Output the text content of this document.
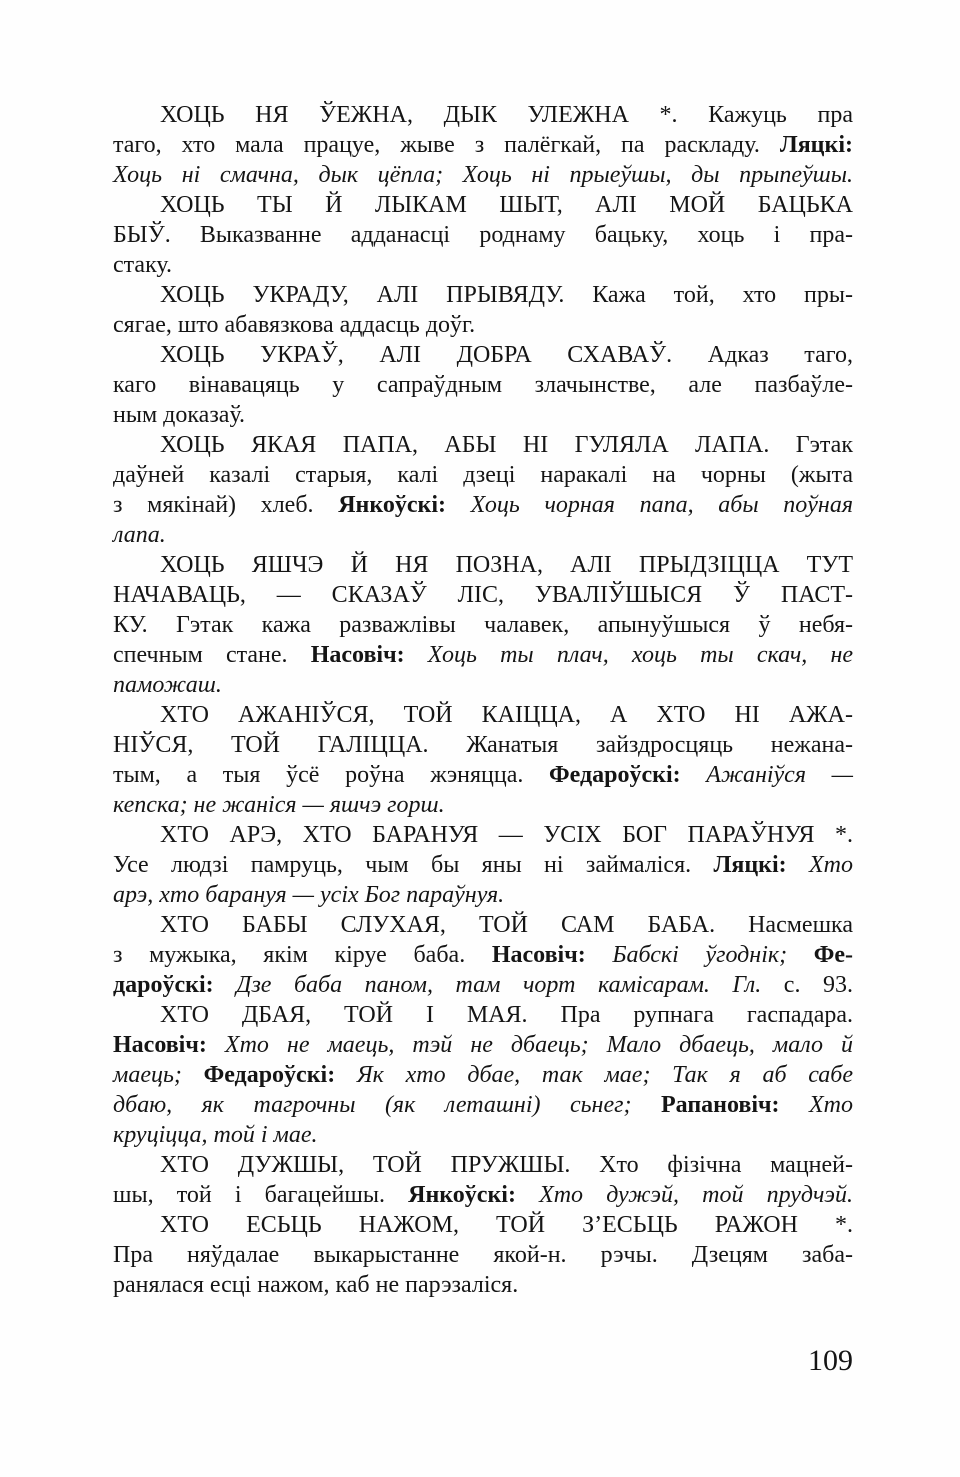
ХОЦЬ НЯ ЎЕЖНА, ДЫК УЛЕЖНА *. Кажуць пра
таго, хто мала працуе, жыве з палёгкай, па раскладу. Ляцкі:
Хоць ні смачна, дык цёпла; Хоць ні прыеўшы, ды прыпеўшы.
ХОЦЬ ТЫ Й ЛЫКАМ ШЫТ, АЛІ МОЙ БАЦЬКА
БЫЎ. Выказванне адданасці роднаму бацьку, хоць і пра-
стаку.
ХОЦЬ УКРАДУ, АЛІ ПРЫВЯДУ. Кажа той, хто пры-
сягае, што абавязкова аддасць доўг.
ХОЦЬ УКРАЎ, АЛІ ДОБРА СХАВАЎ. Адказ таго,
каго вінавацяць у сапраўдным злачынстве, але пазбаўле-
ным доказаў.
ХОЦЬ ЯКАЯ ПАПА, АБЫ НІ ГУЛЯЛА ЛАПА. Гэтак
даўней казалі старыя, калі дзеці наракалі на чорны (жыта
з мякінай) хлеб. Янкоўскі: Хоць чорная папа, абы поўная
лапа.
ХОЦЬ ЯШЧЭ Й НЯ ПОЗНА, АЛІ ПРЫДЗІЦЦА ТУТ
НАЧАВАЦЬ, — СКАЗАЎ ЛІС, УВАЛІЎШЫСЯ Ў ПАСТ-
КУ. Гэтак кажа разважлівы чалавек, апынуўшыся ў небя-
спечным стане. Насовіч: Хоць ты плач, хоць ты скач, не
паможаш.
ХТО АЖАНІЎСЯ, ТОЙ КАІЦЦА, А ХТО НІ АЖА-
НІЎСЯ, ТОЙ ГАЛІЦЦА. Жанатыя зайздросцяць нежана-
тым, а тыя ўсё роўна жэняцца. Федароўскі: Ажаніўся —
кепска; не жаніся — яшчэ горш.
ХТО АРЭ, ХТО БАРАНУЯ — УСІХ БОГ ПАРАЎНУЯ *.
Усе людзі памруць, чым бы яны ні займаліся. Ляцкі: Хто
арэ, хто барануя — усіх Бог параўнуя.
ХТО БАБЫ СЛУХАЯ, ТОЙ САМ БАБА. Насмешка
з мужыка, якім кіруе баба. Насовіч: Бабскі ўгоднік; Фе-
дароўскі: Дзе баба паном, там чорт камісарам. Гл. с. 93.
ХТО ДБАЯ, ТОЙ І МАЯ. Пра рупнага гаспадара.
Насовіч: Хто не маець, тэй не дбаець; Мало дбаець, мало й
маець; Федароўскі: Як хто дбае, так мае; Так я аб сабе
дбаю, як тагрочны (як леташні) сьнег; Рапановіч: Хто
круціцца, той і мае.
ХТО ДУЖШЫ, ТОЙ ПРУЖШЫ. Хто фізічна мацней-
шы, той і багацейшы. Янкоўскі: Хто дужэй, той прудчэй.
ХТО ЕСЬЦЬ НАЖОМ, ТОЙ З’ЕСЬЦЬ РАЖОН *.
Пра няўдалае выкарыстанне якой-н. рэчы. Дзецям заба-
ранялася есці нажом, каб не парэзаліся.
109
